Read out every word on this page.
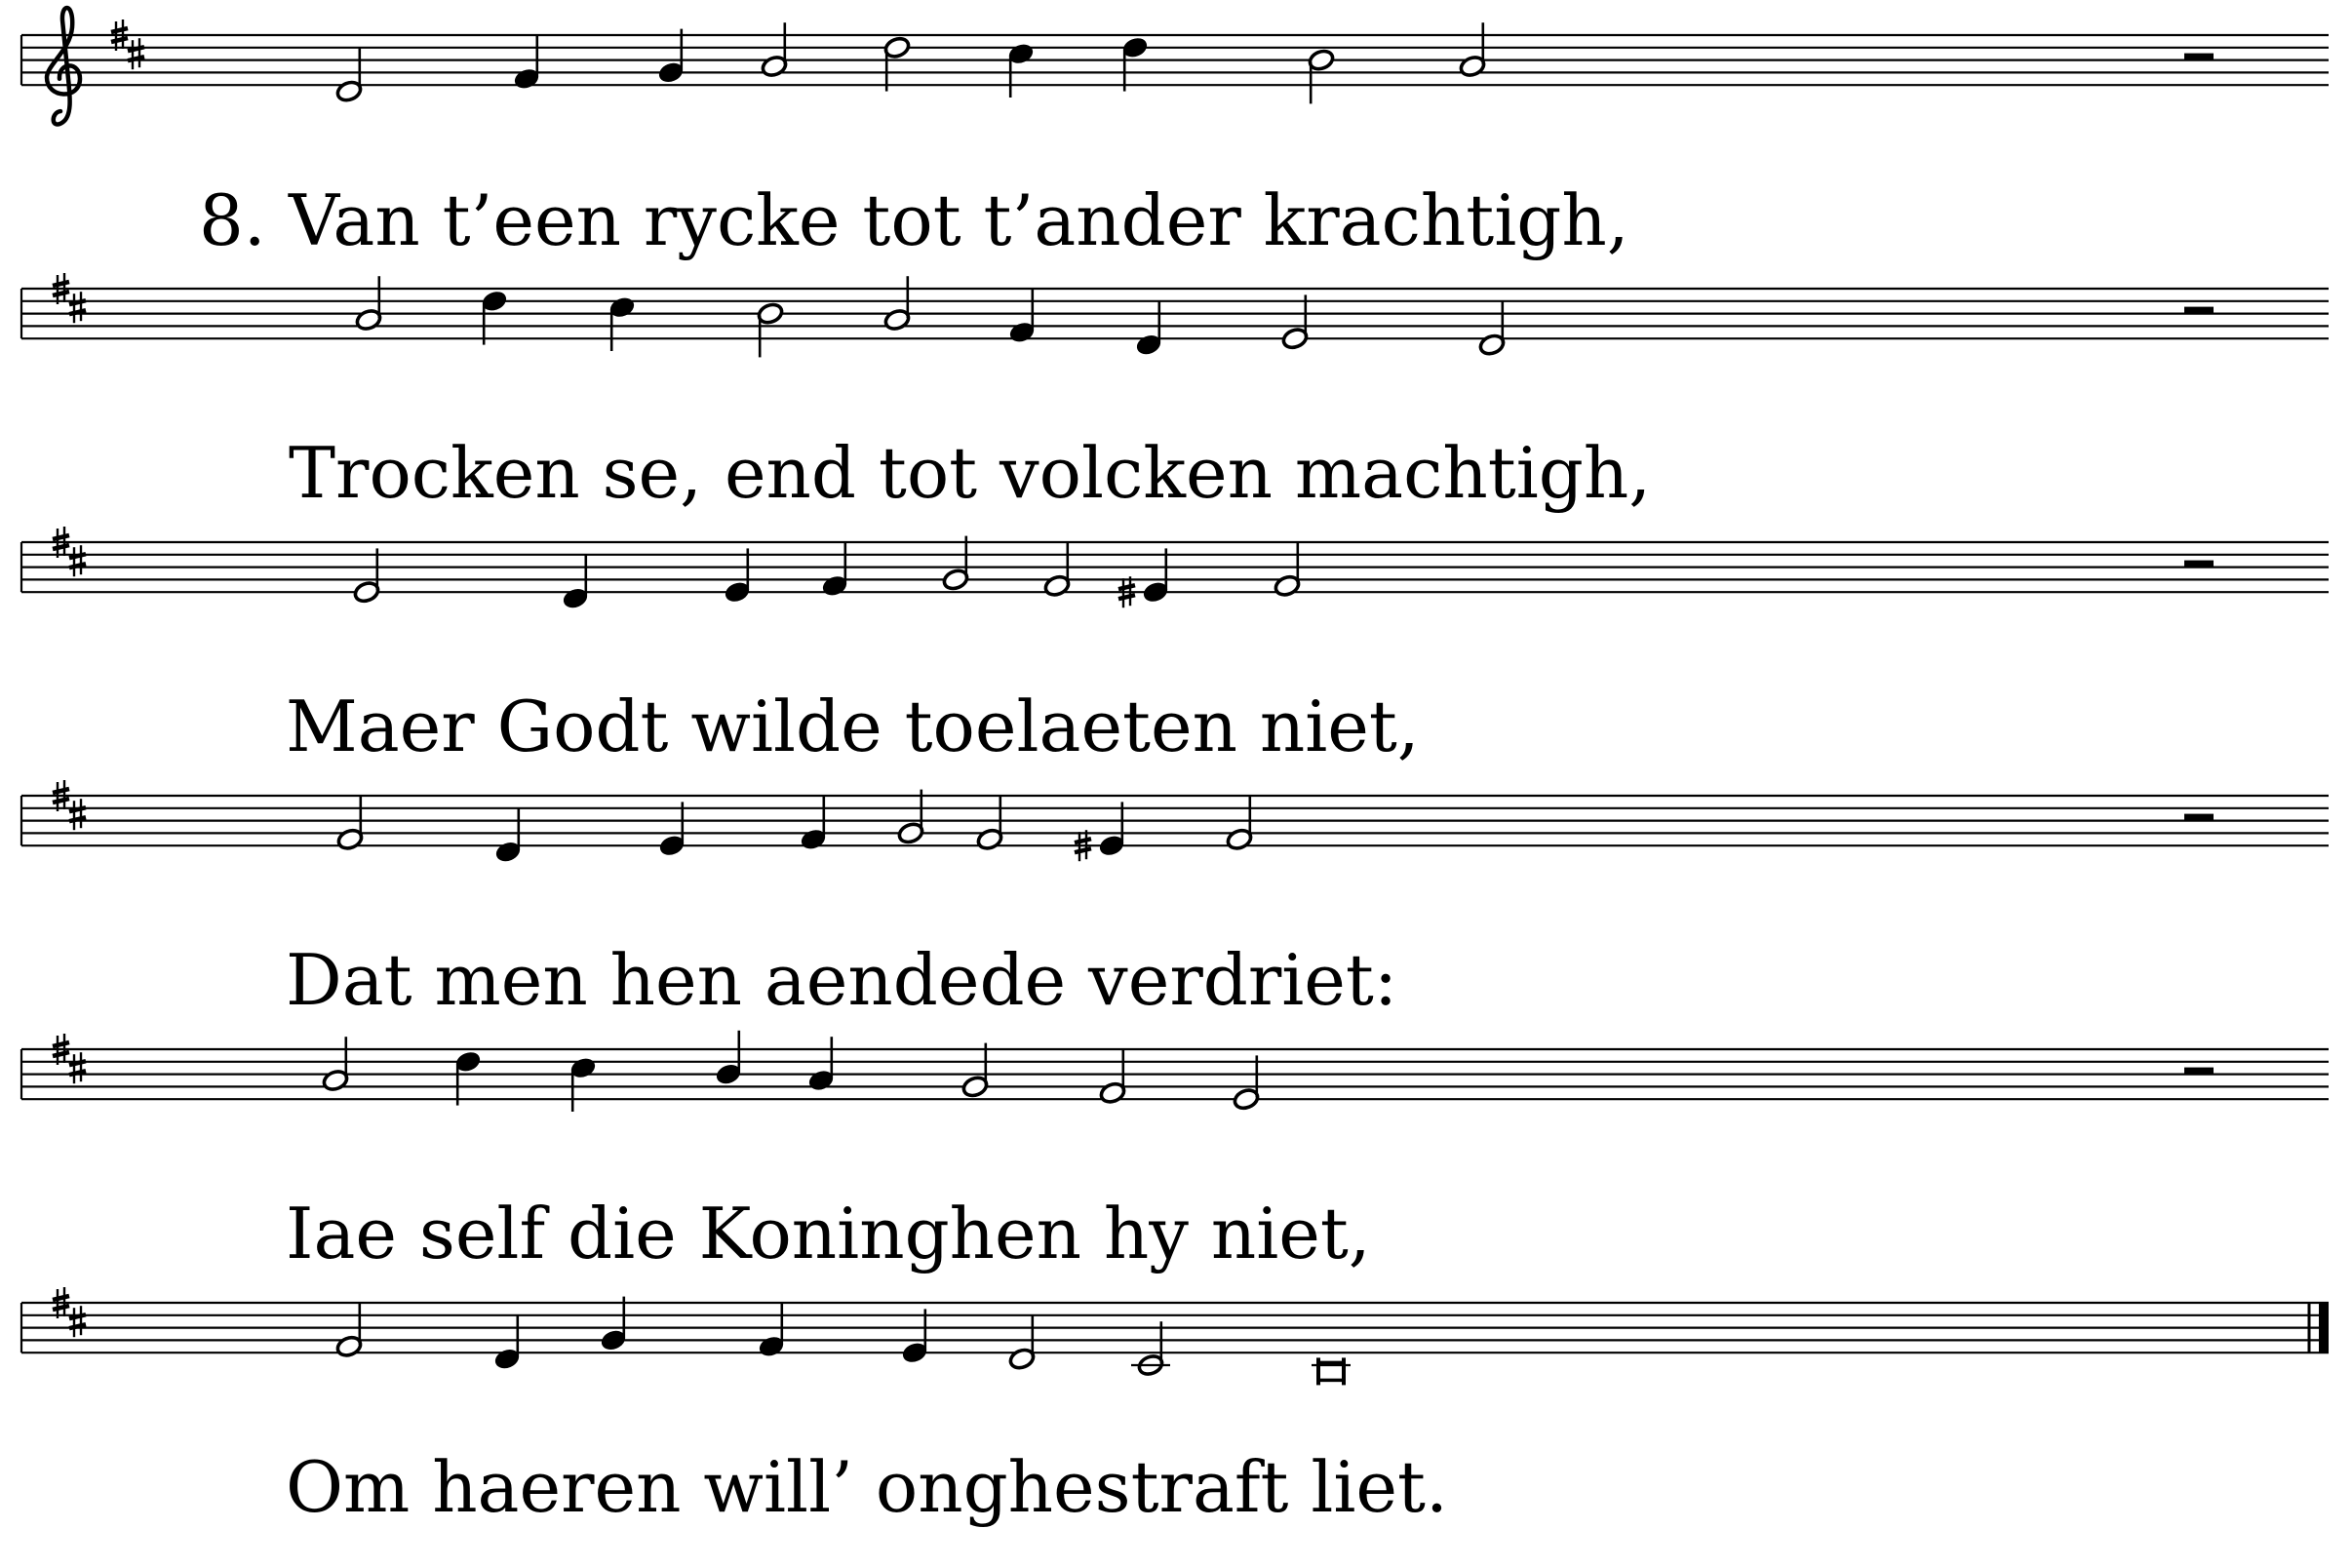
Van t’een rycke tot t’ander krachtigh,
Trocken se, end tot volcken machtigh,
Maer Godt wilde toelaeten niet,
Dat men hen aendede verdriet:
Iae self die Koninghen hy niet,
Om haeren will’ onghestraft liet.
8.
